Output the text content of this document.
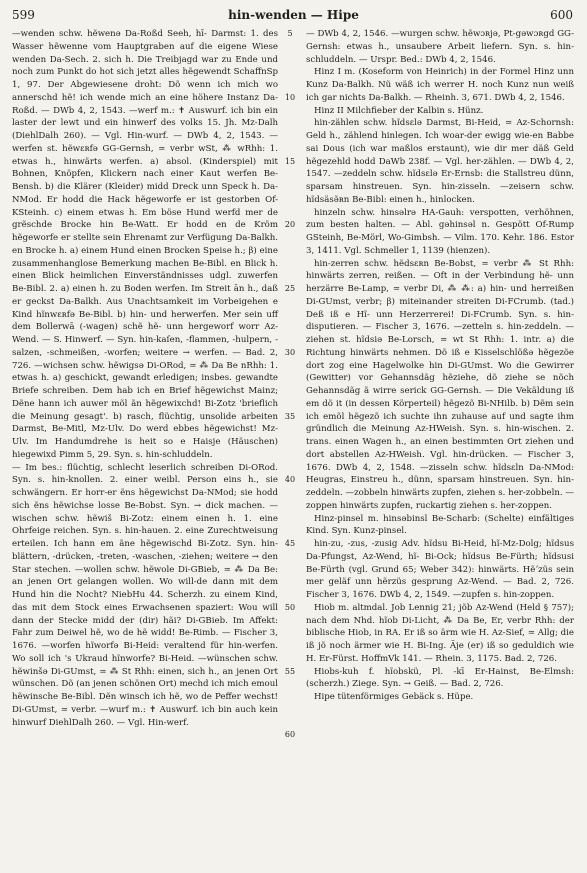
599	hin-wenden — Hipe	600

—wenden schw. hẽwenə Da-Roßd Seeh, hī- Darmst: 1. des Wasser hẽwenne vom Hauptgraben auf die eigene Wiese wenden Da-Sech. 2. sich h. Die Treibjagd war zu Ende und noch zum Punkt do hot sich jetzt alles hẽgewendt SchaffnSp 1, 97. Der Abgewiesene droht: Dõ wenn ich mich wo annerschd hẽ! ich wende mich an eine höhere Instanz Da-Roßd. — DWb 4, 2, 1543. —werf m.: ✝ Auswurf. ich bin ein laster der lewt und ein hinwerf des volks 15. Jh. Mz-Dalh (DiehlDalh 260). — Vgl. Hin-wurf. — DWb 4, 2, 1543. —werfen st. hẽwɛʀfə GG-Gernsh, ≃ verbr wSt, ⁂ wRhh: 1. etwas h., hinwärts werfen. a) absol. (Kinderspiel) mit Bohnen, Knöpfen, Klickern nach einer Kaut werfen Be-Bensh. b) die Klärer (Kleider) midd Dreck unn Speck h. Da-NMod. Er hodd die Hack hẽgeworfe er ist gestorben Of-KSteinh. c) einem etwas h. Em böse Hund werfd mer de grẽschde Brocke hin Be-Watt. Er hodd en de Kröm hẽgeworfe er stellte sein Ehrenamt zur Verfügung Da-Balkh. en Brocke h. a) einem Hund einen Brocken Speise h.; β) eine zusammenhanglose Bemerkung machen Be-Bibl. en Blick h. einen Blick heimlichen Einverständnisses udgl. zuwerfen Be-Bibl. 2. a) einen h. zu Boden werfen. Im Streit ān h., daß er geckst Da-Balkh. Aus Unachtsamkeit im Vorbeigehen e Kind hĩnwɛʀfə Be-Bibl. b) hin- und herwerfen. Mer sein uff dem Bollerwā (-wagen) schẽ hẽ- unn hergeworf worr Az-Wend. — S. Hinwerf. — Syn. hin-kaſen, -flammen, -hulpern, -salzen, -schmeißen, -worfen; weitere → werfen. — Bad. 2, 726. —wichsen schw. hẽwigsə Di-ORod, ≃ ⁂ Da Be nRhh: 1. etwas h. a) geschickt, gewandt erledigen; insbes. gewandte Briefe schreiben. Dem hab ich en Brief hẽgewichst Mainz; Dẽne hann ich auwer mõl ãn hẽgewixchd! Bi-Zotz 'brieflich die Meinung gesagt'. b) rasch, flüchtig, unsolide arbeiten Darmst, Be-Mitl, Mz-Ulv. Do werd ebbes hẽgewichst! Mz-Ulv. Im Handumdrehe is heit so e Haisje (Häuschen) hiegewixd Pimm 5, 29. Syn. s. hin-schluddeln.

— Im bes.: flüchtig, schlecht leserlich schreiben Di-ORod. Syn. s. hin-knollen. 2. einer weibl. Person eins h., sie schwängern. Er horr-er ẽns hẽgewichst Da-NMod; sie hodd sich ẽns hẽwichse losse Be-Bobst. Syn. → dick machen. —wischen schw. hẽwiš Bi-Zotz: einem einen h. 1. eine Ohrfeige reichen. Syn. s. hin-hauen. 2. eine Zurechtweisung erteilen. Ich hann em ãne hẽgewischd Bi-Zotz. Syn. hin-blättern, -drücken, -treten, -waschen, -ziehen; weitere → den Star stechen. —wollen schw. hẽwole Di-GBieb, ≃ ⁂ Da Be: an jenen Ort gelangen wollen. Wo will-de dann mit dem Hund hin die Nocht? NiebHu 44. Scherzh. zu einem Kind, das mit dem Stock eines Erwachsenen spaziert: Wou will dann der Stecke midd der (dir) hãi? Di-GBieb. Im Affekt: Fahr zum Deiwel hẽ, wo de hẽ widd! Be-Rimb. — Fischer 3, 1676. —worfen hĩworfə Bi-Heid: veraltend für hin-werfen. Wo soll ich 's Ukraud hĩnworfe? Bi-Heid. —wünschen schw. hẽwinšə Di-GUmst, ≃ ⁂ St Rhh: einen, sich h., an jenen Ort wünschen. Dõ (an jenen schönen Ort) mechd ich mich emoul hẽwinsche Be-Bibl. Dẽn winsch ich hẽ, wo de Peffer wechst! Di-GUmst, ≃ verbr. —wurf m.: ✝ Auswurf. ich bin auch kein hinwurf DiehlDalh 260. — Vgl. Hin-werf.

5
10
15
20
25
30
35
40
45
50
55
60

— DWb 4, 2, 1546. —wurgen schw. hẽwɔʀjə, Pt-gəwɔʀgd GG-Gernsh: etwas h., unsaubere Arbeit liefern. Syn. s. hin-schluddeln. — Urspr. Bed.: DWb 4, 2, 1546.

Hinz I m. (Koseform von Heinrich) in der Formel Hinz unn Kunz Da-Balkh. Nũ wäß ich werrer H. noch Kunz nun weiß ich gar nichts Da-Balkh. — Rheinh. 3, 671. DWb 4, 2, 1546.

Hinz II Milchfieber der Kalbin s. Hünz.

hin-zählen schw. hĩdsɛlə Darmst, Bi-Heid, ≃ Az-Schornsh: Geld h., zählend hinlegen. Ich woar-der ewigg wie-en Babbe sai Dous (ich war maßlos erstaunt), wie dir mer däß Geld hẽgezehld hodd DaWb 238f. — Vgl. her-zählen. — DWb 4, 2, 1547. —zeddeln schw. hĩdsɛlə Er-Ernsb: die Stallstreu dünn, sparsam hinstreuen. Syn. hin-zisseln. —zeisern schw. hĩdsäsə̃ʀn Be-Bibl: einen h., hinlocken.

hinzeln schw. hinsəlrə HA-Gauh: verspotten, verhöhnen, zum besten halten. — Abl. gəhinsəl n. Gespött Of-Rump GSteinh, Be-Mörl, Wo-Gimbsh. — Vilm. 170. Kehr. 186. Estor 3, 1411. Vgl. Schmeller 1, 1139 (hienzen).

hin-zerren schw. hẽdsɛʀn Be-Bobst, ≃ verbr ⁂ St Rhh: hinwärts zerren, reißen. — Oft in der Verbindung hẽ- unn herzärre Be-Lamp, ≃ verbr Di, ⁂ ⁂: a) hin- und herreißen Di-GUmst, verbr; β) miteinander streiten Di-FCrumb. (tad.) Deß iß e Hĩ- unn Herzerrerei! Di-FCrumb. Syn. s. hin-disputieren. — Fischer 3, 1676. —zetteln s. hin-zeddeln. —ziehen st. hĩdsiə Be-Lorsch, ≃ wt St Rhh: 1. intr. a) die Richtung hinwärts nehmen. Dõ iß e Kisselschlößə hẽgezõe dort zog eine Hagelwolke hin Di-GUmst. Wo die Gewirrer (Gewitter) vor Gehannsdãg hẽziehe, dõ ziehe se nõch Gehannsdãg ã wirre serick GG-Gernsh. — Die Vekäldung iß em dõ it (in dessen Körperteil) hẽgezõ Bi-NHilb. b) Dẽm sein ich emõl hẽgezõ ich suchte ihn zuhause auf und sagte ihm gründlich die Meinung Az-HWeish. Syn. s. hin-wischen. 2. trans. einen Wagen h., an einen bestimmten Ort ziehen und dort abstellen Az-HWeish. Vgl. hin-drücken. — Fischer 3, 1676. DWb 4, 2, 1548. —zisseln schw. hĩdsɛln Da-NMod: Heugras, Einstreu h., dünn, sparsam hinstreuen. Syn. hin-zeddeln. —zobbeln hinwärts zupfen, ziehen s. her-zobbeln. —zoppen hinwärts zupfen, ruckartig ziehen s. her-zoppen.

Hinz-pinsel m. hinsəbinsl Be-Scharb: (Schelte) einfältiges Kind. Syn. Kunz-pinsel.

hin-zu, -zus, -zusig Adv. hĩdsu Bi-Heid, hĩ-Mz-Dolg; hĩdsus Da-Pfungst, Az-Wend, hĩ- Bi-Ock; hĩdsus Be-Fürth; hĩdsusi Be-Fürth (vgl. Grund 65; Weber 342): hinwärts. Hẽʼzüs sein mer geläf unn hẽrzüs gesprung Az-Wend. — Bad. 2, 726. Fischer 3, 1676. DWb 4, 2, 1549. —zupfen s. hin-zoppen.

Hiob m. altmdal. Job Lennig 21; jõb Az-Wend (Held § 757); nach dem Nhd. hĩob Di-Licht, ⁂ Da Be, Er, verbr Rhh: der biblische Hiob, in RA. Er iß so ärm wie H. Az-Sief, ≃ Allg; die iß jõ noch ärmer wie H. Bi-Ing. Äje (er) iß so geduldich wie H. Er-Fürst. HoffmVk 141. — Rhein. 3, 1175. Bad. 2, 726.

Hiobs-kuh f. hĩobskü, Pl. -kī Er-Hainst, Be-Elmsh: (scherzh.) Ziege. Syn. → Geiß. — Bad. 2, 726.

Hipe tütenförmiges Gebäck s. Hüpe.
